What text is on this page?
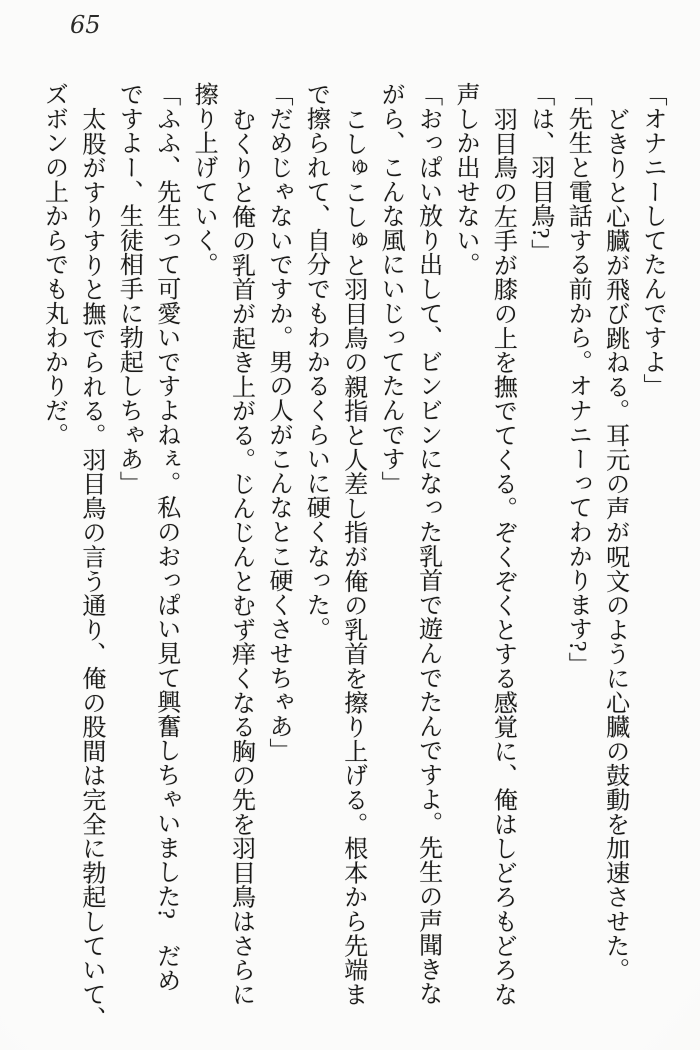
65
「オナニーしてたんですよ」
どきりと心臓が飛び跳ねる。耳元の声が呪文のように心臓の鼓動を加速させた。
「先生と電話する前から。オナニーってわかります?」
「は、羽目鳥?」
羽目鳥の左手が膝の上を撫でてくる。ぞくぞくとする感覚に、俺はしどろもどろな
声しか出せない。
「おっぱい放り出して、ビンビンになった乳首で遊んでたんですよ。先生の声聞きな
がら、こんな風にいじってたんです」
こしゅこしゅと羽目鳥の親指と人差し指が俺の乳首を擦り上げる。根本から先端ま
で擦られて、自分でもわかるくらいに硬くなった。
「だめじゃないですか。男の人がこんなとこ硬くさせちゃあ」
むくりと俺の乳首が起き上がる。じんじんとむず痒くなる胸の先を羽目鳥はさらに
擦り上げていく。
「ふふ、先生って可愛いですよねぇ。私のおっぱい見て興奮しちゃいました?　だめ
ですよー、生徒相手に勃起しちゃあ」
太股がすりすりと撫でられる。羽目鳥の言う通り、俺の股間は完全に勃起していて、
ズボンの上からでも丸わかりだ。
